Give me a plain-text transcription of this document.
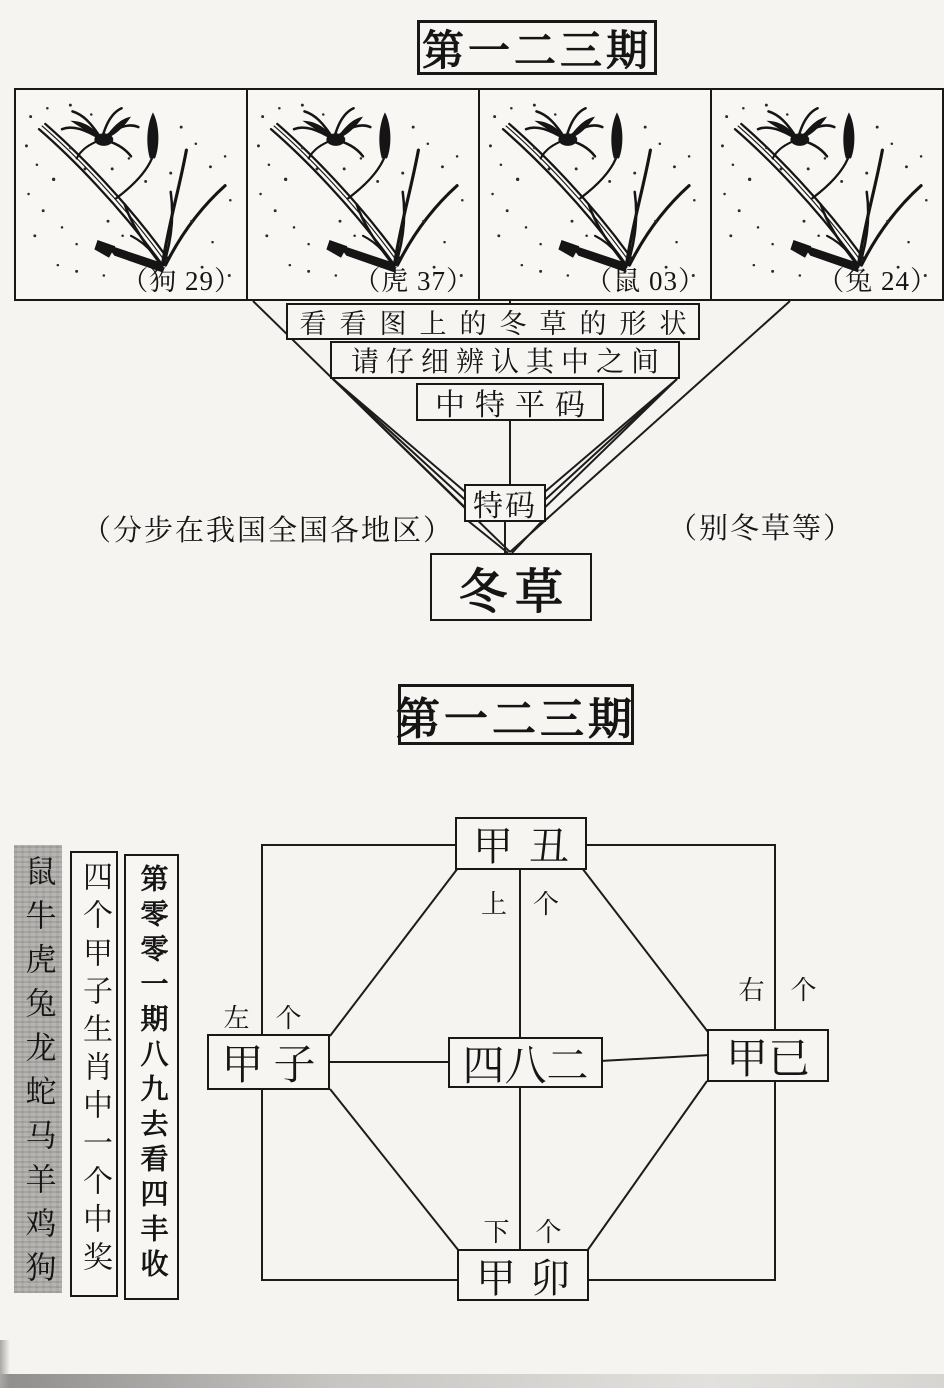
第一二三期
（狗 29）	（虎 37）	（鼠 03）	（兔 24）
看看图上的冬草的形状
请仔细辨认其中之间
中特平码
特码
冬草
（分步在我国全国各地区）	（别冬草等）
第一二三期
鼠牛虎兔龙蛇马羊鸡狗 四个甲子生肖中一个中奖 第零零一期八九去看四丰收
甲丑
甲子	四八二	甲已
甲卯
上　个
左　个
右　个
下　个
